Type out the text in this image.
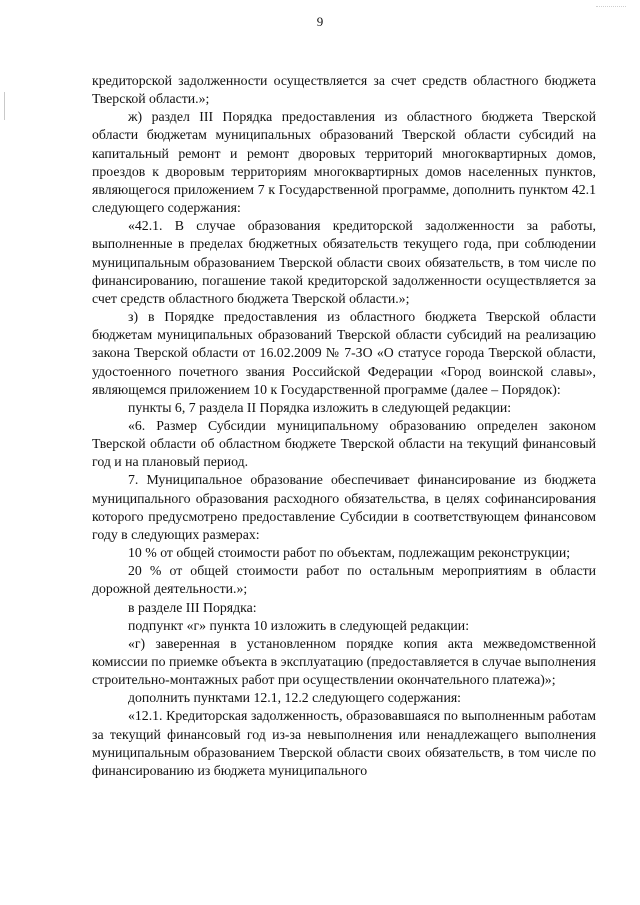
9

кредиторской задолженности осуществляется за счет средств областного бюджета Тверской области.»;

ж) раздел III Порядка предоставления из областного бюджета Тверской области бюджетам муниципальных образований Тверской области субсидий на капитальный ремонт и ремонт дворовых территорий многоквартирных домов, проездов к дворовым территориям многоквартирных домов населенных пунктов, являющегося приложением 7 к Государственной программе, дополнить пунктом 42.1 следующего содержания:

«42.1. В случае образования кредиторской задолженности за работы, выполненные в пределах бюджетных обязательств текущего года, при соблюдении муниципальным образованием Тверской области своих обязательств, в том числе по финансированию, погашение такой кредиторской задолженности осуществляется за счет средств областного бюджета Тверской области.»;

з) в Порядке предоставления из областного бюджета Тверской области бюджетам муниципальных образований Тверской области субсидий на реализацию закона Тверской области от 16.02.2009 № 7-ЗО «О статусе города Тверской области, удостоенного почетного звания Российской Федерации «Город воинской славы», являющемся приложением 10 к Государственной программе (далее – Порядок):

пункты 6, 7 раздела II Порядка изложить в следующей редакции:

«6. Размер Субсидии муниципальному образованию определен законом Тверской области об областном бюджете Тверской области на текущий финансовый год и на плановый период.

7. Муниципальное образование обеспечивает финансирование из бюджета муниципального образования расходного обязательства, в целях софинансирования которого предусмотрено предоставление Субсидии в соответствующем финансовом году в следующих размерах:

10 % от общей стоимости работ по объектам, подлежащим реконструкции;

20 % от общей стоимости работ по остальным мероприятиям в области дорожной деятельности.»;

в разделе III Порядка:

подпункт «г» пункта 10 изложить в следующей редакции:

«г) заверенная в установленном порядке копия акта межведомственной комиссии по приемке объекта в эксплуатацию (предоставляется в случае выполнения строительно-монтажных работ при осуществлении окончательного платежа)»;

дополнить пунктами 12.1, 12.2 следующего содержания:

«12.1. Кредиторская задолженность, образовавшаяся по выполненным работам за текущий финансовый год из-за невыполнения или ненадлежащего выполнения муниципальным образованием Тверской области своих обязательств, в том числе по финансированию из бюджета муниципального
